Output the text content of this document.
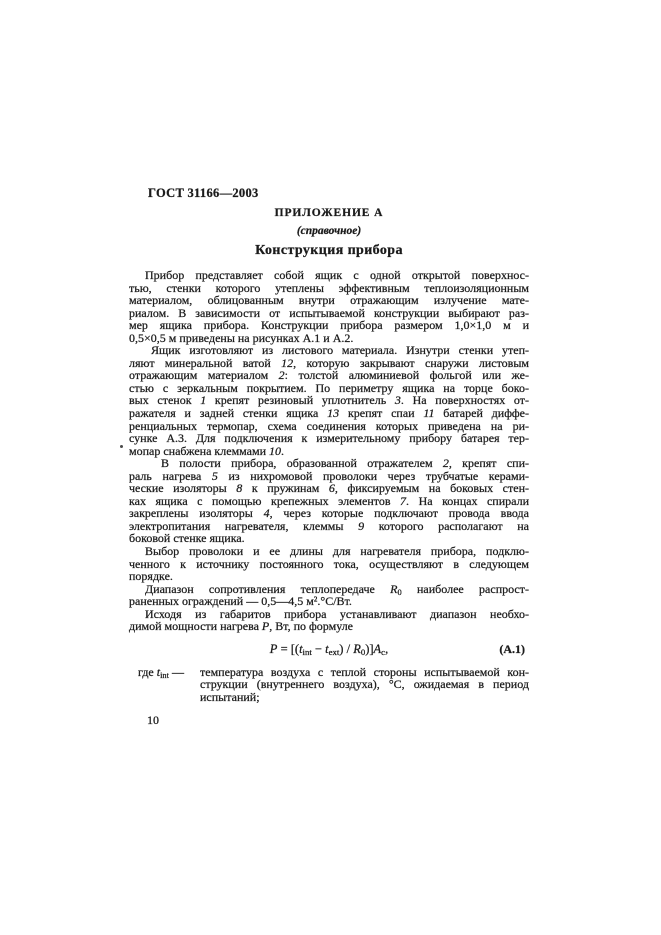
ГОСТ 31166—2003
ПРИЛОЖЕНИЕ А
(справочное)
Конструкция прибора
Прибор представляет собой ящик с одной открытой поверхнос-
тью, стенки которого утеплены эффективным теплоизоляционным
материалом, облицованным внутри отражающим излучение мате-
риалом. В зависимости от испытываемой конструкции выбирают раз-
мер ящика прибора. Конструкции прибора размером 1,0×1,0 м и
0,5×0,5 м приведены на рисунках А.1 и А.2.
Ящик изготовляют из листового материала. Изнутри стенки утеп-
ляют минеральной ватой 12, которую закрывают снаружи листовым
отражающим материалом 2: толстой алюминиевой фольгой или же-
стью с зеркальным покрытием. По периметру ящика на торце боко-
вых стенок 1 крепят резиновый уплотнитель 3. На поверхностях от-
ражателя и задней стенки ящика 13 крепят спаи 11 батарей диффе-
ренциальных термопар, схема соединения которых приведена на ри-
сунке А.3. Для подключения к измерительному прибору батарея тер-
мопар снабжена клеммами 10.
В полости прибора, образованной отражателем 2, крепят спи-
раль нагрева 5 из нихромовой проволоки через трубчатые керами-
ческие изоляторы 8 к пружинам 6, фиксируемым на боковых стен-
ках ящика с помощью крепежных элементов 7. На концах спирали
закреплены изоляторы 4, через которые подключают провода ввода
электропитания нагревателя, клеммы 9 которого располагают на
боковой стенке ящика.
Выбор проволоки и ее длины для нагревателя прибора, подклю-
ченного к источнику постоянного тока, осуществляют в следующем
порядке.
Диапазон сопротивления теплопередаче $R_0$ наиболее распрост-
раненных ограждений — 0,5—4,5 м².°С/Вт.
Исходя из габаритов прибора устанавливают диапазон необхо-
димой мощности нагрева P, Вт, по формуле
$P = [(t_{int} - t_{ext}) / R_0)]A_c$,	(А.1)
где $t_{int}$ —	температура воздуха с теплой стороны испытываемой кон-
струкции (внутреннего воздуха), °С, ожидаемая в период
испытаний;
10
